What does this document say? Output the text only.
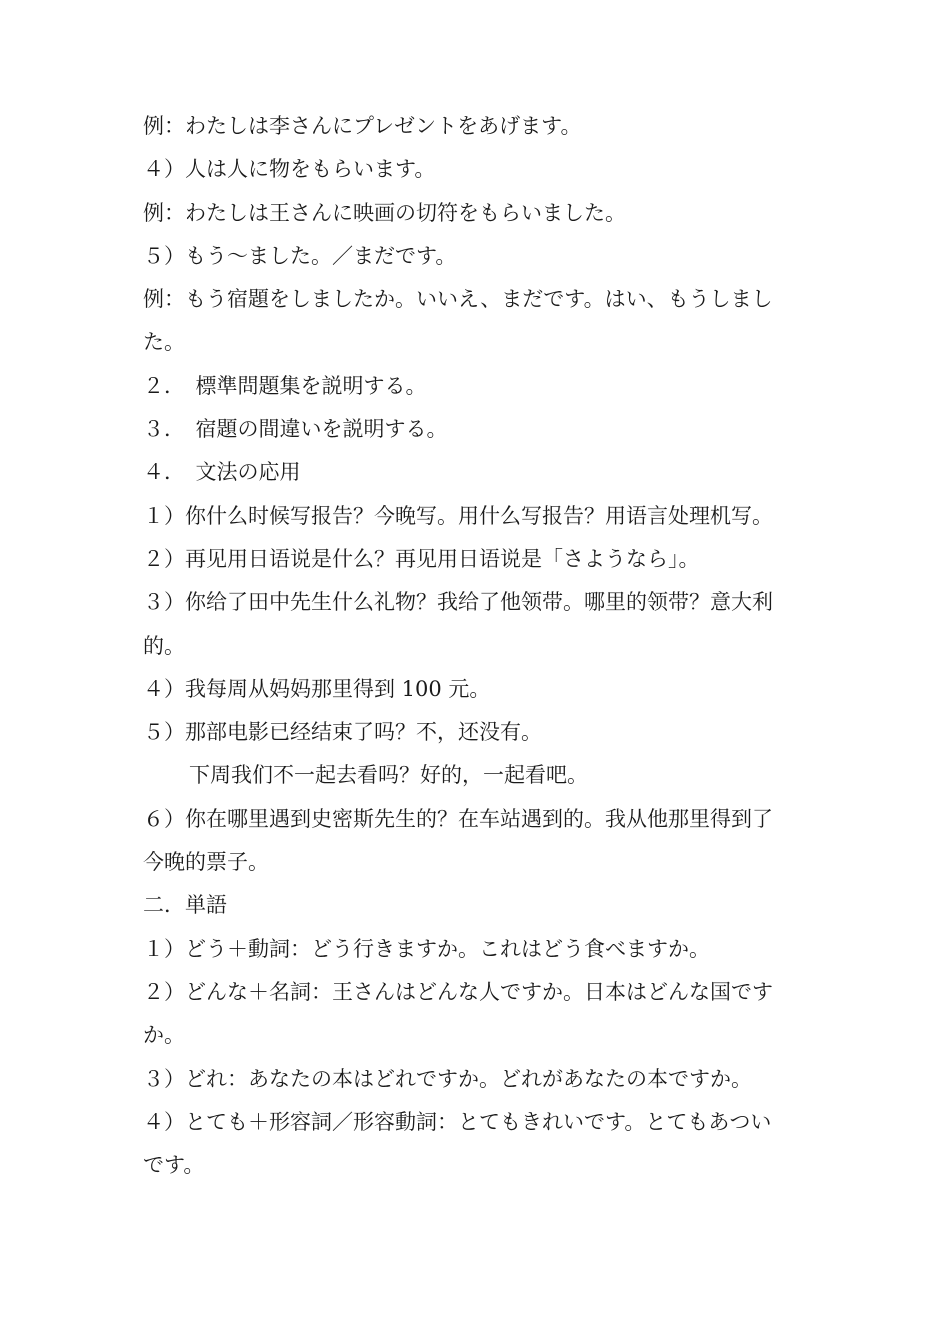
例：わたしは李さんにプレゼントをあげます。
４）人は人に物をもらいます。
例：わたしは王さんに映画の切符をもらいました。
５）もう～ました。／まだです。
例：もう宿題をしましたか。いいえ、まだです。はい、もうしまし
た。
２．　標準問題集を説明する。
３．　宿題の間違いを説明する。
４．　文法の応用
１）你什么时候写报告？今晚写。用什么写报告？用语言处理机写。
２）再见用日语说是什么？再见用日语说是「さようなら」。
３）你给了田中先生什么礼物？我给了他领带。哪里的领带？意大利
的。
４）我每周从妈妈那里得到 100 元。
５）那部电影已经结束了吗？不，还没有。
下周我们不一起去看吗？好的，一起看吧。
６）你在哪里遇到史密斯先生的？在车站遇到的。我从他那里得到了
今晚的票子。
二．単語
１）どう＋動詞：どう行きますか。これはどう食べますか。
２）どんな＋名詞：王さんはどんな人ですか。日本はどんな国です
か。
３）どれ：あなたの本はどれですか。どれがあなたの本ですか。
４）とても＋形容詞／形容動詞：とてもきれいです。とてもあつい
です。
